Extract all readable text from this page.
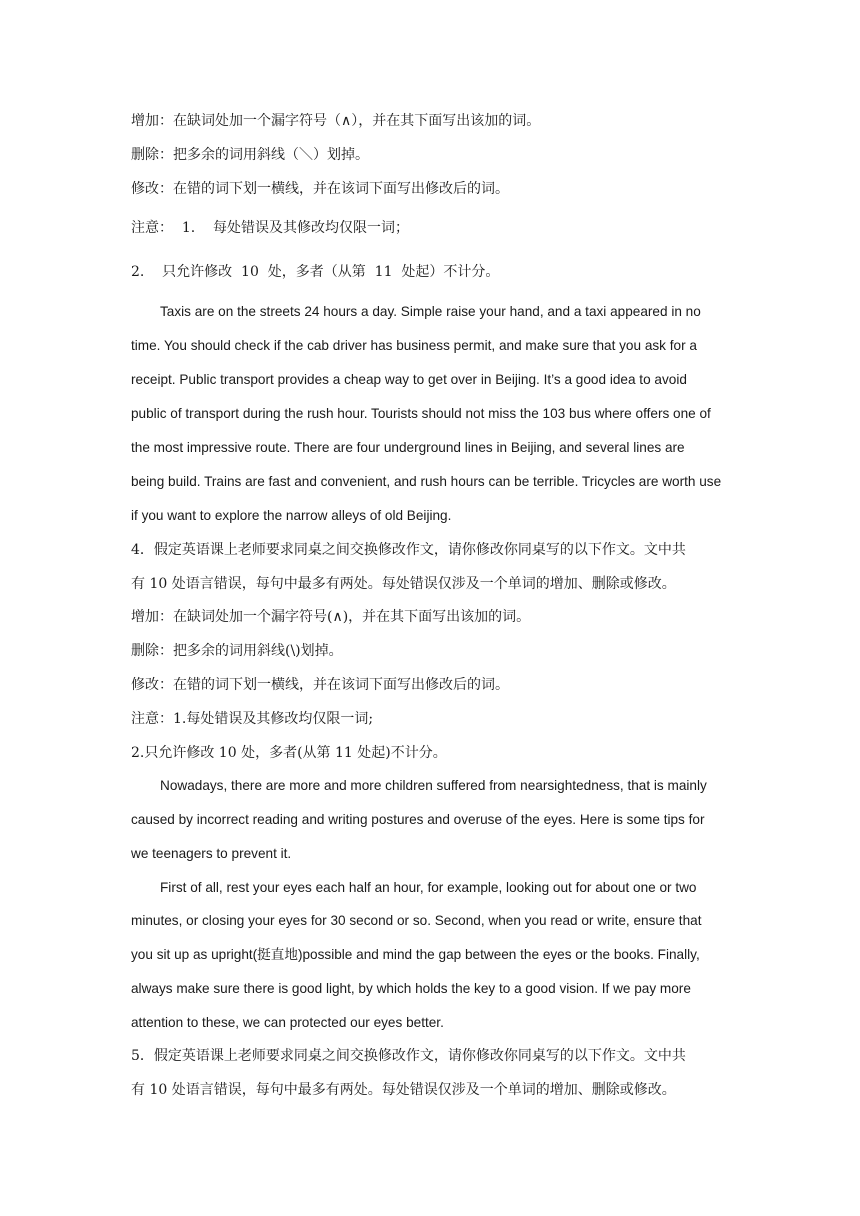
增加：在缺词处加一个漏字符号（∧），并在其下面写出该加的词。

删除：把多余的词用斜线（＼）划掉。

修改：在错的词下划一横线，并在该词下面写出修改后的词。

注意：  1.    每处错误及其修改均仅限一词；

2.    只允许修改  10  处，多者（从第  11  处起）不计分。

Taxis are on the streets 24 hours a day. Simple raise your hand, and a taxi appeared in no

time. You should check if the cab driver has business permit, and make sure that you ask for a

receipt. Public transport provides a cheap way to get over in Beijing. It’s a good idea to avoid

public of transport during the rush hour. Tourists should not miss the 103 bus where offers one of

the most impressive route. There are four underground lines in Beijing, and several lines are

being build. Trains are fast and convenient, and rush hours can be terrible. Tricycles are worth use

if you want to explore the narrow alleys of old Beijing.

4．假定英语课上老师要求同桌之间交换修改作文，请你修改你同桌写的以下作文。文中共

有 10 处语言错误，每句中最多有两处。每处错误仅涉及一个单词的增加、删除或修改。

增加：在缺词处加一个漏字符号(∧)，并在其下面写出该加的词。

删除：把多余的词用斜线(\)划掉。

修改：在错的词下划一横线，并在该词下面写出修改后的词。

注意：1.每处错误及其修改均仅限一词;

2.只允许修改 10 处，多者(从第 11 处起)不计分。

Nowadays, there are more and more children suffered from nearsightedness, that is mainly

caused by incorrect reading and writing postures and overuse of the eyes. Here is some tips for

we teenagers to prevent it.

First of all, rest your eyes each half an hour, for example, looking out for about one or two

minutes, or closing your eyes for 30 second or so. Second, when you read or write, ensure that

you sit up as upright(挺直地)possible and mind the gap between the eyes or the books. Finally,

always make sure there is good light, by which holds the key to a good vision. If we pay more

attention to these, we can protected our eyes better.

5．假定英语课上老师要求同桌之间交换修改作文，请你修改你同桌写的以下作文。文中共

有 10 处语言错误，每句中最多有两处。每处错误仅涉及一个单词的增加、删除或修改。
